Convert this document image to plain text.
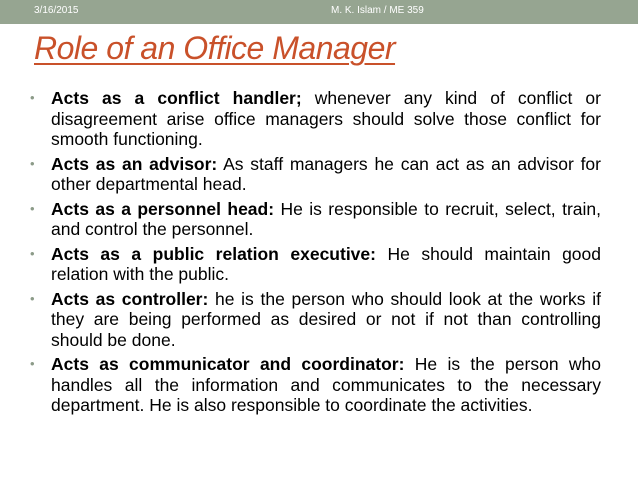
3/16/2015	M. K. Islam / ME 359
Role of an Office Manager
• Acts as a conflict handler; whenever any kind of conflict or disagreement arise office managers should solve those conflict for smooth functioning.
• Acts as an advisor: As staff managers he can act as an advisor for other departmental head.
• Acts as a personnel head: He is responsible to recruit, select, train, and control the personnel.
• Acts as a public relation executive: He should maintain good relation with the public.
• Acts as controller: he is the person who should look at the works if they are being performed as desired or not if not than controlling should be done.
• Acts as communicator and coordinator: He is the person who handles all the information and communicates to the necessary department. He is also responsible to coordinate the activities.
